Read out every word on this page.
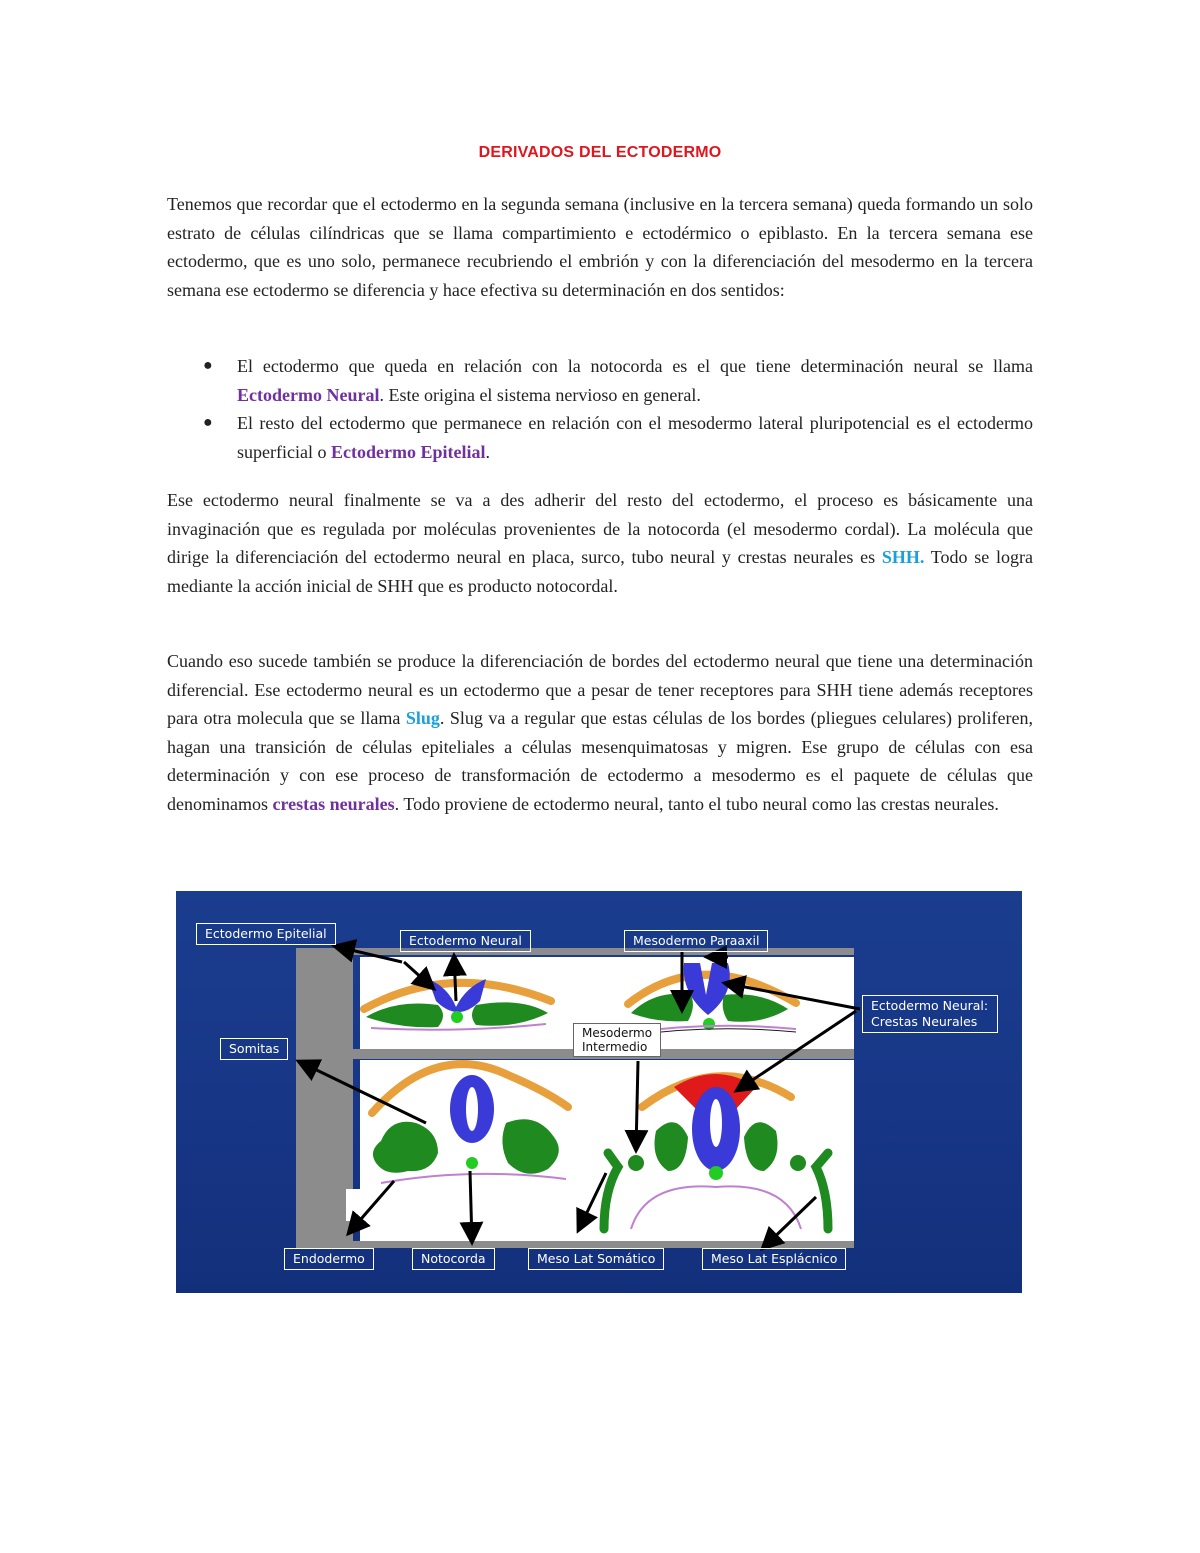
DERIVADOS DEL ECTODERMO

Tenemos que recordar que el ectodermo en la segunda semana (inclusive en la tercera semana) queda formando un solo estrato de células cilíndricas que se llama compartimiento e ectodérmico o epiblasto. En la tercera semana ese ectodermo, que es uno solo, permanece recubriendo el embrión y con la diferenciación del mesodermo en la tercera semana ese ectodermo se diferencia y hace efectiva su determinación en dos sentidos:

● El ectodermo que queda en relación con la notocorda es el que tiene determinación neural se llama Ectodermo Neural. Este origina el sistema nervioso en general.
● El resto del ectodermo que permanece en relación con el mesodermo lateral pluripotencial es el ectodermo superficial o Ectodermo Epitelial.

Ese ectodermo neural finalmente se va a des adherir del resto del ectodermo, el proceso es básicamente una invaginación que es regulada por moléculas provenientes de la notocorda (el mesodermo cordal). La molécula que dirige la diferenciación del ectodermo neural en placa, surco, tubo neural y crestas neurales es SHH. Todo se logra mediante la acción inicial de SHH que es producto notocordal.

Cuando eso sucede también se produce la diferenciación de bordes del ectodermo neural que tiene una determinación diferencial. Ese ectodermo neural es un ectodermo que a pesar de tener receptores para SHH tiene además receptores para otra molecula que se llama Slug. Slug va a regular que estas células de los bordes (pliegues celulares) proliferen, hagan una transición de células epiteliales a células mesenquimatosas y migren. Ese grupo de células con esa determinación y con ese proceso de transformación de ectodermo a mesodermo es el paquete de células que denominamos crestas neurales. Todo proviene de ectodermo neural, tanto el tubo neural como las crestas neurales.

Ectodermo Epitelial	Ectodermo Neural	Mesodermo Paraaxil
Ectodermo Neural:
Crestas Neurales
Somitas
Mesodermo Intermedio
Endodermo	Notocorda	Meso Lat Somático	Meso Lat Esplácnico
